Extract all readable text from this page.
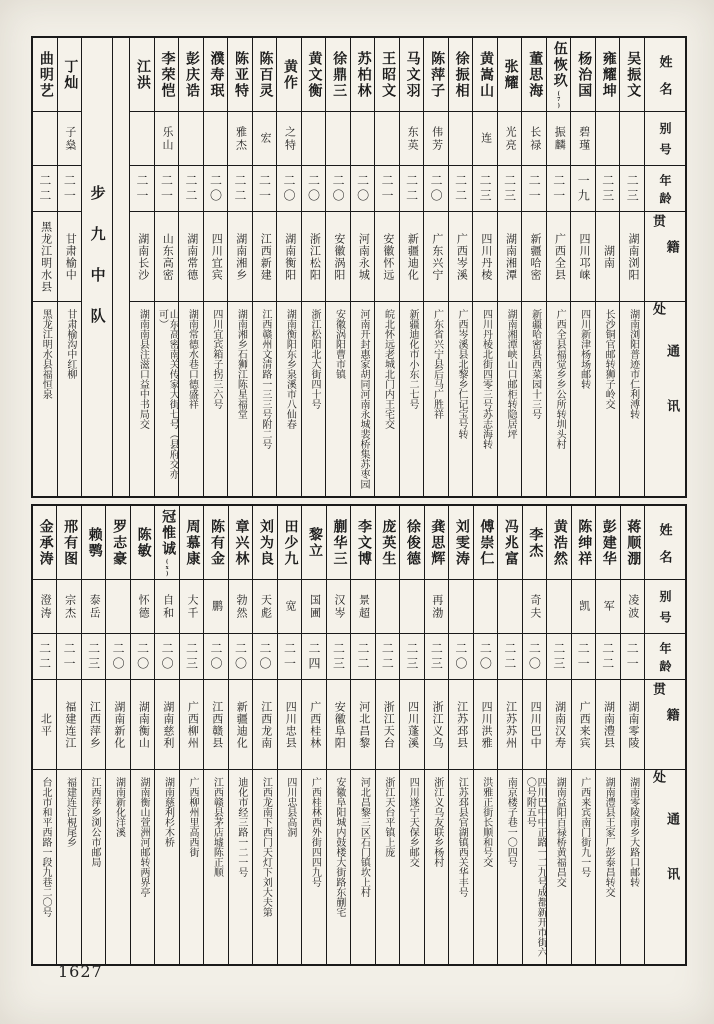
姓名
别号
年龄
籍贯
通讯处
吴振文
二三
湖南浏阳
湖南浏阳普迹市仁利溥转
雍耀坤
二三
湖南
长沙铜官邮转狮子岭交
杨治国
碧瑾
一九
四川邛崃
四川新津杨场邮转
伍恢玖
(7)
振麟
二一
广西全县
广西全县福觉乡乡公所转圳头村
董思海
长禄
二一
新疆哈密
新疆哈密县西菜园十三号
张耀
光亮
二三
湖南湘潭
湖南湘潭峡山口邮柜转隐居坪
黄嵩山
连
二三
四川丹棱
四川丹棱北街四零三号苏志海转
徐振相
二二
广西岑溪
广西岑溪县北黎乡仁记宝号转
陈萍子
伟芳
二〇
广东兴宁
广东省兴宁县后马广胜祥
马文羽
东英
二二
新疆迪化
新疆迪化市小东二七号
王昭文
二一
安徽怀远
皖北怀远老城北门内王宅交
苏柏林
二〇
河南永城
河南开封惠家胡同河南永城裴桥集苏枣园
徐鼎三
二〇
安徽涡阳
安徽涡阳曹市镇
黄文衡
二〇
浙江松阳
浙江松阳北大街四十号
黄作
之特
二〇
湖南衡阳
湖南衡阳东乡泉溪市八仙春
陈百灵
宏
二一
江西新建
江西赣州文清路一三三号附二号
陈亚特
雅杰
二二
湖南湘乡
湖南湘乡石狮江陈星福堂
濮寿珉
二〇
四川宜宾
四川宜宾箱子拐三六号
彭庆诰
二二
湖南常德
湖南常德水巷口德盛祥
李荣恺
乐山
二一
山东高密
山东高密南关传家大街七号（县府交亦可）
江洪
二一
湖南长沙
湖南南县注滋口益中书局交
步九中队
丁灿
子燊
二一
甘肃榆中
甘肃榆沟中红柳
曲明艺
二二
黑龙江明水县
黑龙江明水县福恒泉
姓名
别号
年龄
籍贯
通讯处
蒋顺淜
凌波
二一
湖南零陵
湖南零陵南乡大路口邮转
彭建华
军
二二
湖南澧县
湖南澧县王家厂彭泰昌转交
陈绅祥
凯
二一
广西来宾
广西来宾南门街九一号
黄浩然
二三
湖南汉寿
湖南益阳百禄桥黄福昌交
李杰
奇夫
二〇
四川巴中
四川巴中中正路一二九号成都新开市街六〇号附五号
冯兆富
二二
江苏苏州
南京楼子巷一〇四号
傅崇仁
二〇
四川洪雅
洪雅正街长顺和号交
刘雯涛
二〇
江苏邳县
江苏邳县官湖镇西关华丰号
龚思辉
再渤
二三
浙江义乌
浙江义乌友联乡杨村
徐俊德
二三
四川蓬溪
四川遂宁天保乡邮交
庞英生
二二
浙江天台
浙江天台平镇上庞
李文博
景超
二二
河北昌黎
河北昌黎三区石门镇坎上村
蒯华三
汉岑
二三
安徽阜阳
安徽阜阳城内鼓楼大街路东蒯宅
黎立
国圃
二四
广西桂林
广西桂林西外街四四九号
田少九
宽
二一
四川忠县
四川忠县高洞
刘为良
天彪
二〇
江西龙南
江西龙南下西门天灯下刘大夫第
章兴林
勃然
二〇
新疆迪化
迪化市经三路一二一号
陈有金
鹏
二〇
江西赣县
江西赣县茅店墟陈正顺
周慕康
大千
二三
广西柳州
广西柳州里高西街
冠惟诚
(x)
自和
二〇
湖南慈利
湖南慈利杉木桥
陈敏
怀德
二〇
湖南衡山
湖南衡山萱洲河邮转两界亭
罗志豪
二〇
湖南新化
湖南新化洋溪
赖鹗
泰岳
二三
江西萍乡
江西萍乡浏公市邮局
邢有图
宗杰
二一
福建连江
福建连江梘尾乡
金承涛
澄涛
二二
北平
台北市和平西路一段九巷二〇号
1627
